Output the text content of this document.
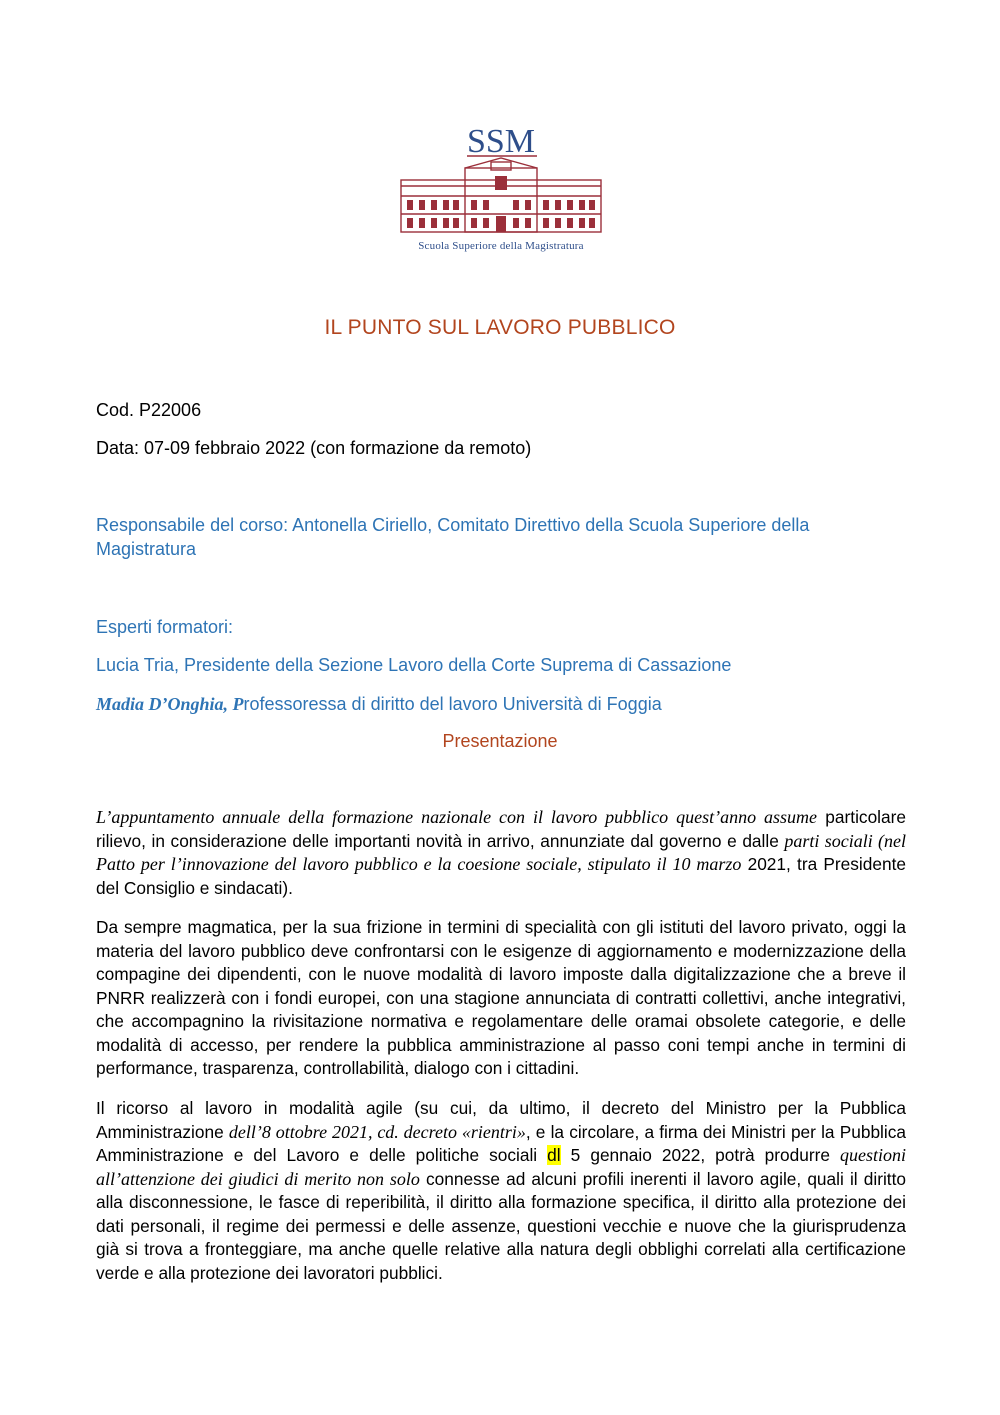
SSM
Scuola Superiore della Magistratura
IL PUNTO SUL LAVORO PUBBLICO
Cod. P22006
Data: 07-09 febbraio 2022 (con formazione da remoto)
Responsabile del corso: Antonella Ciriello, Comitato Direttivo della Scuola Superiore della Magistratura
Esperti formatori:
Lucia Tria, Presidente della Sezione Lavoro della Corte Suprema di Cassazione
Madia D’Onghia, Professoressa di diritto del lavoro Università di Foggia
Presentazione
L’appuntamento annuale della formazione nazionale con il lavoro pubblico quest’anno assume particolare rilievo, in considerazione delle importanti novità in arrivo, annunziate dal governo e dalle parti sociali (nel Patto per l’innovazione del lavoro pubblico e la coesione sociale, stipulato il 10 marzo 2021, tra Presidente del Consiglio e sindacati).
Da sempre magmatica, per la sua frizione in termini di specialità con gli istituti del lavoro privato, oggi la materia del lavoro pubblico deve confrontarsi con le esigenze di aggiornamento e modernizzazione della compagine dei dipendenti, con le nuove modalità di lavoro imposte dalla digitalizzazione che a breve il PNRR realizzerà con i fondi europei, con una stagione annunciata di contratti collettivi, anche integrativi, che accompagnino la rivisitazione normativa e regolamentare delle oramai obsolete categorie, e delle modalità di accesso, per rendere la pubblica amministrazione al passo coni tempi anche in termini di performance, trasparenza, controllabilità, dialogo con i cittadini.
Il ricorso al lavoro in modalità agile (su cui, da ultimo, il decreto del Ministro per la Pubblica Amministrazione dell’8 ottobre 2021, cd. decreto «rientri», e la circolare, a firma dei Ministri per la Pubblica Amministrazione e del Lavoro e delle politiche sociali dl 5 gennaio 2022, potrà produrre questioni all’attenzione dei giudici di merito non solo connesse ad alcuni profili inerenti il lavoro agile, quali il diritto alla disconnessione, le fasce di reperibilità, il diritto alla formazione specifica, il diritto alla protezione dei dati personali, il regime dei permessi e delle assenze, questioni vecchie e nuove che la giurisprudenza già si trova a fronteggiare, ma anche quelle relative alla natura degli obblighi correlati alla certificazione verde e alla protezione dei lavoratori pubblici.
